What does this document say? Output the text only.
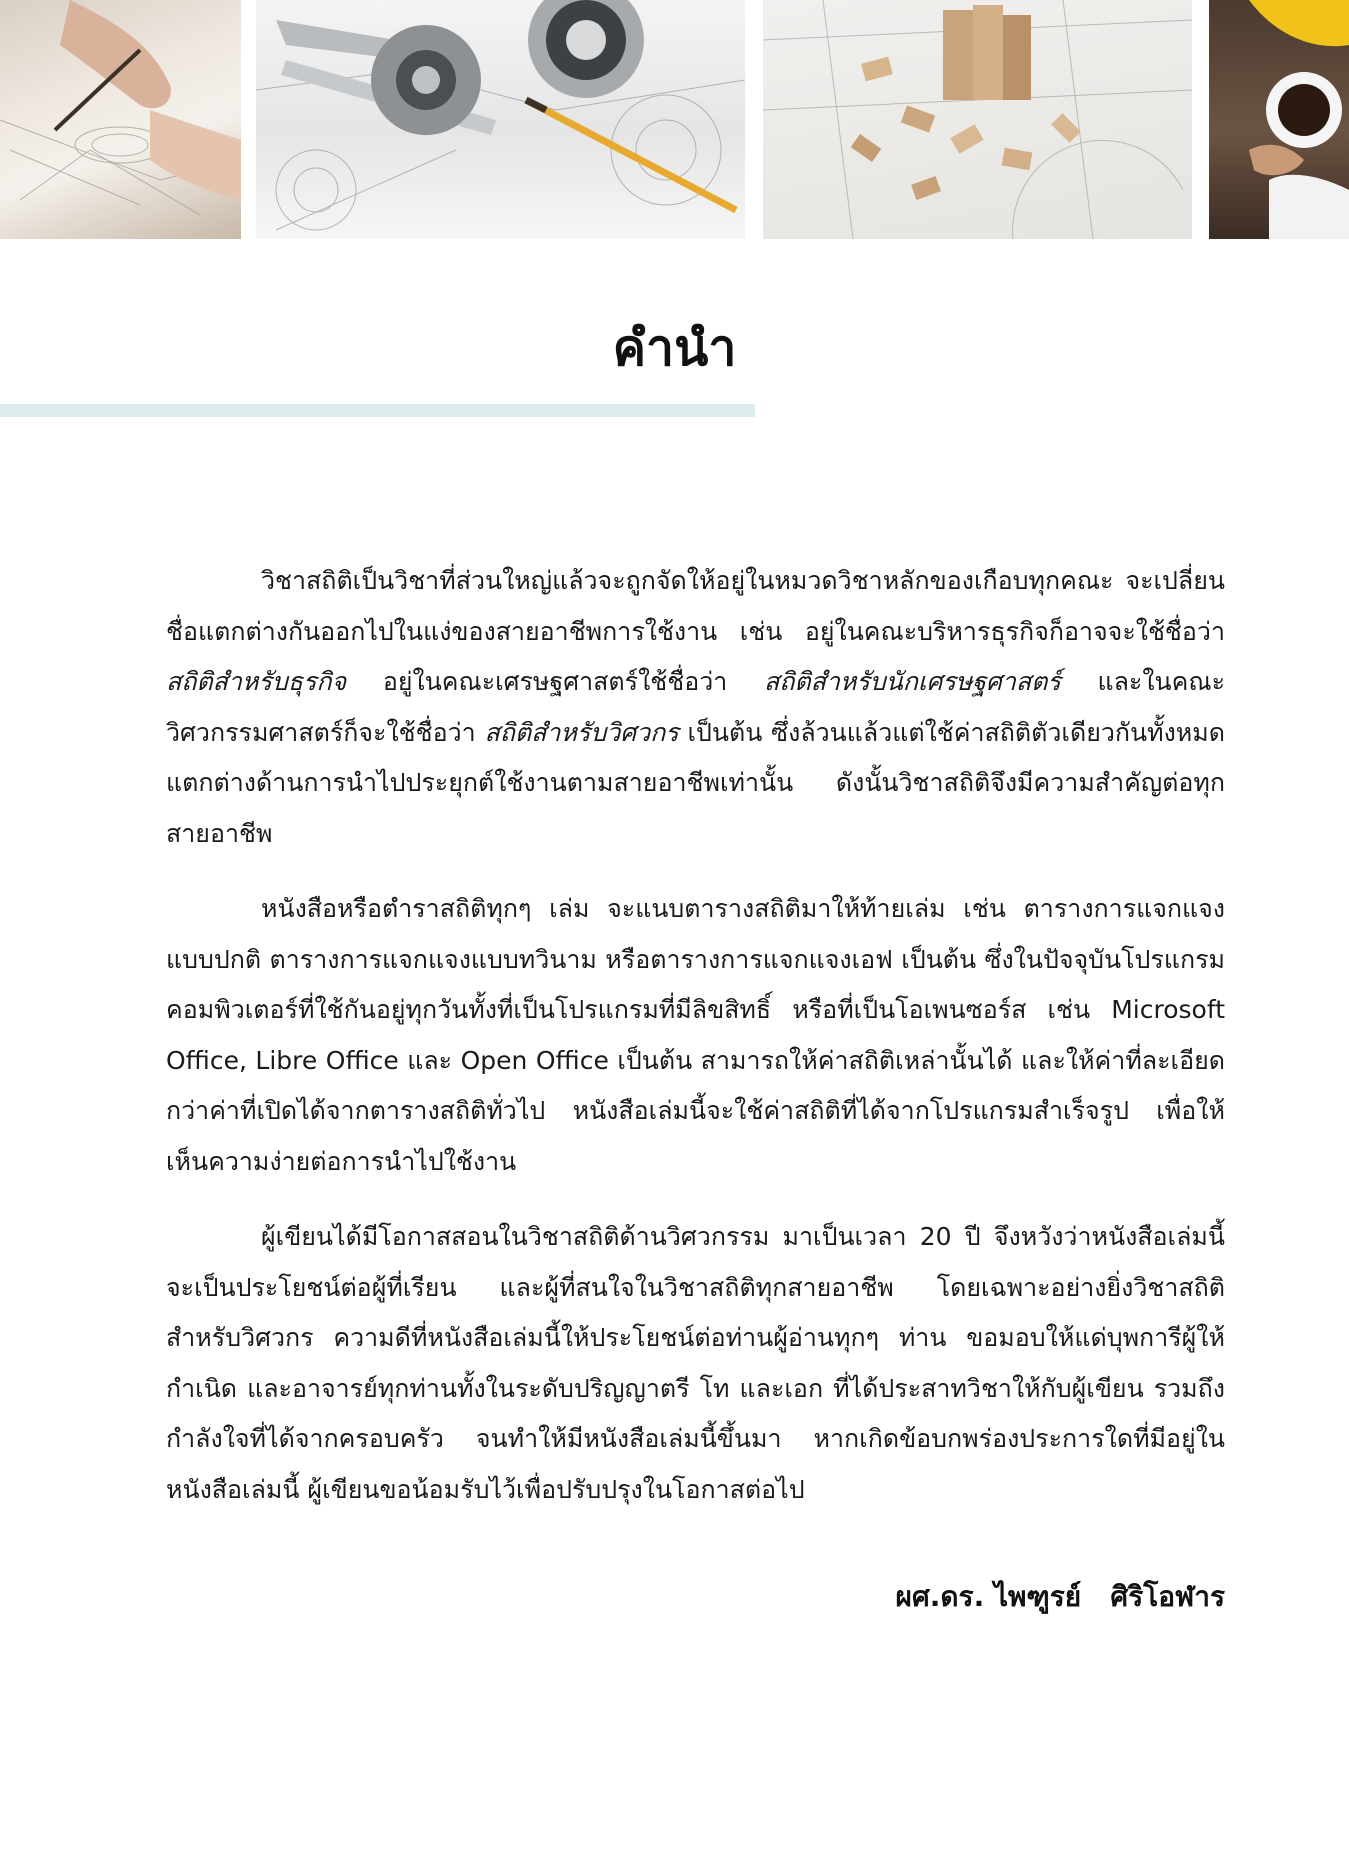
คำนำ

วิชาสถิติเป็นวิชาที่ส่วนใหญ่แล้วจะถูกจัดให้อยู่ในหมวดวิชาหลักของเกือบทุกคณะ จะเปลี่ยนชื่อแตกต่างกันออกไปในแง่ของสายอาชีพการใช้งาน เช่น อยู่ในคณะบริหารธุรกิจก็อาจจะใช้ชื่อว่า สถิติสำหรับธุรกิจ อยู่ในคณะเศรษฐศาสตร์ใช้ชื่อว่า สถิติสำหรับนักเศรษฐศาสตร์ และในคณะวิศวกรรมศาสตร์ก็จะใช้ชื่อว่า สถิติสำหรับวิศวกร เป็นต้น ซึ่งล้วนแล้วแต่ใช้ค่าสถิติตัวเดียวกันทั้งหมด แตกต่างด้านการนำไปประยุกต์ใช้งานตามสายอาชีพเท่านั้น ดังนั้นวิชาสถิติจึงมีความสำคัญต่อทุกสายอาชีพ

หนังสือหรือตำราสถิติทุกๆ เล่ม จะแนบตารางสถิติมาให้ท้ายเล่ม เช่น ตารางการแจกแจงแบบปกติ ตารางการแจกแจงแบบทวินาม หรือตารางการแจกแจงเอฟ เป็นต้น ซึ่งในปัจจุบันโปรแกรมคอมพิวเตอร์ที่ใช้กันอยู่ทุกวันทั้งที่เป็นโปรแกรมที่มีลิขสิทธิ์ หรือที่เป็นโอเพนซอร์ส เช่น Microsoft Office, Libre Office และ Open Office เป็นต้น สามารถให้ค่าสถิติเหล่านั้นได้ และให้ค่าที่ละเอียดกว่าค่าที่เปิดได้จากตารางสถิติทั่วไป หนังสือเล่มนี้จะใช้ค่าสถิติที่ได้จากโปรแกรมสำเร็จรูป เพื่อให้เห็นความง่ายต่อการนำไปใช้งาน

ผู้เขียนได้มีโอกาสสอนในวิชาสถิติด้านวิศวกรรม มาเป็นเวลา 20 ปี จึงหวังว่าหนังสือเล่มนี้จะเป็นประโยชน์ต่อผู้ที่เรียน และผู้ที่สนใจในวิชาสถิติทุกสายอาชีพ โดยเฉพาะอย่างยิ่งวิชาสถิติสำหรับวิศวกร ความดีที่หนังสือเล่มนี้ให้ประโยชน์ต่อท่านผู้อ่านทุกๆ ท่าน ขอมอบให้แด่บุพการีผู้ให้กำเนิด และอาจารย์ทุกท่านทั้งในระดับปริญญาตรี โท และเอก ที่ได้ประสาทวิชาให้กับผู้เขียน รวมถึงกำลังใจที่ได้จากครอบครัว จนทำให้มีหนังสือเล่มนี้ขึ้นมา หากเกิดข้อบกพร่องประการใดที่มีอยู่ในหนังสือเล่มนี้ ผู้เขียนขอน้อมรับไว้เพื่อปรับปรุงในโอกาสต่อไป

ผศ.ดร. ไพฑูรย์   ศิริโอฬาร
